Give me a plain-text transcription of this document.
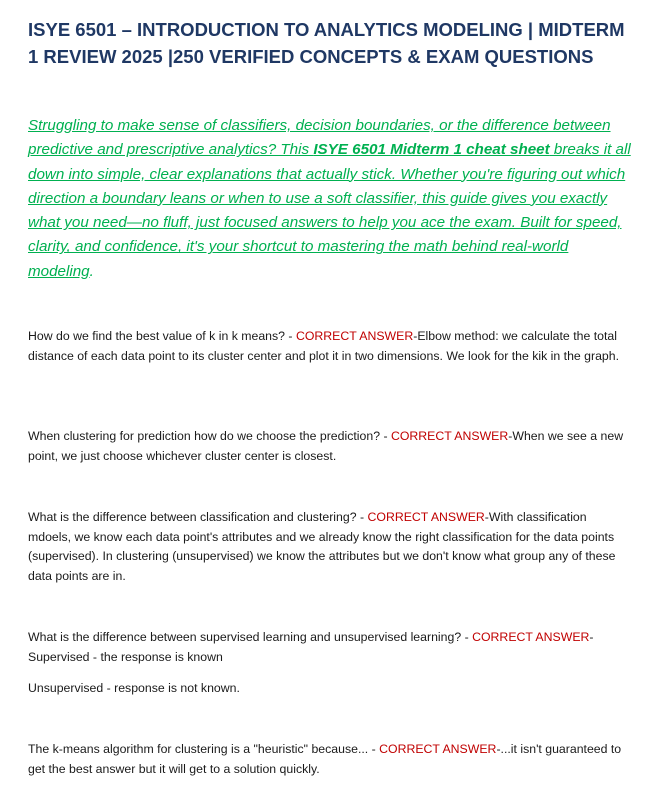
ISYE 6501 – INTRODUCTION TO ANALYTICS MODELING | MIDTERM 1 REVIEW 2025 |250 VERIFIED CONCEPTS & EXAM QUESTIONS

Struggling to make sense of classifiers, decision boundaries, or the difference between predictive and prescriptive analytics? This ISYE 6501 Midterm 1 cheat sheet breaks it all down into simple, clear explanations that actually stick. Whether you're figuring out which direction a boundary leans or when to use a soft classifier, this guide gives you exactly what you need—no fluff, just focused answers to help you ace the exam. Built for speed, clarity, and confidence, it's your shortcut to mastering the math behind real-world modeling.

How do we find the best value of k in k means? - CORRECT ANSWER-Elbow method: we calculate the total distance of each data point to its cluster center and plot it in two dimensions. We look for the kik in the graph.

When clustering for prediction how do we choose the prediction? - CORRECT ANSWER-When we see a new point, we just choose whichever cluster center is closest.

What is the difference between classification and clustering? - CORRECT ANSWER-With classification mdoels, we know each data point's attributes and we already know the right classification for the data points (supervised). In clustering (unsupervised) we know the attributes but we don't know what group any of these data points are in.

What is the difference between supervised learning and unsupervised learning? - CORRECT ANSWER-Supervised - the response is known

Unsupervised - response is not known.

The k-means algorithm for clustering is a "heuristic" because... - CORRECT ANSWER-...it isn't guaranteed to get the best answer but it will get to a solution quickly.
